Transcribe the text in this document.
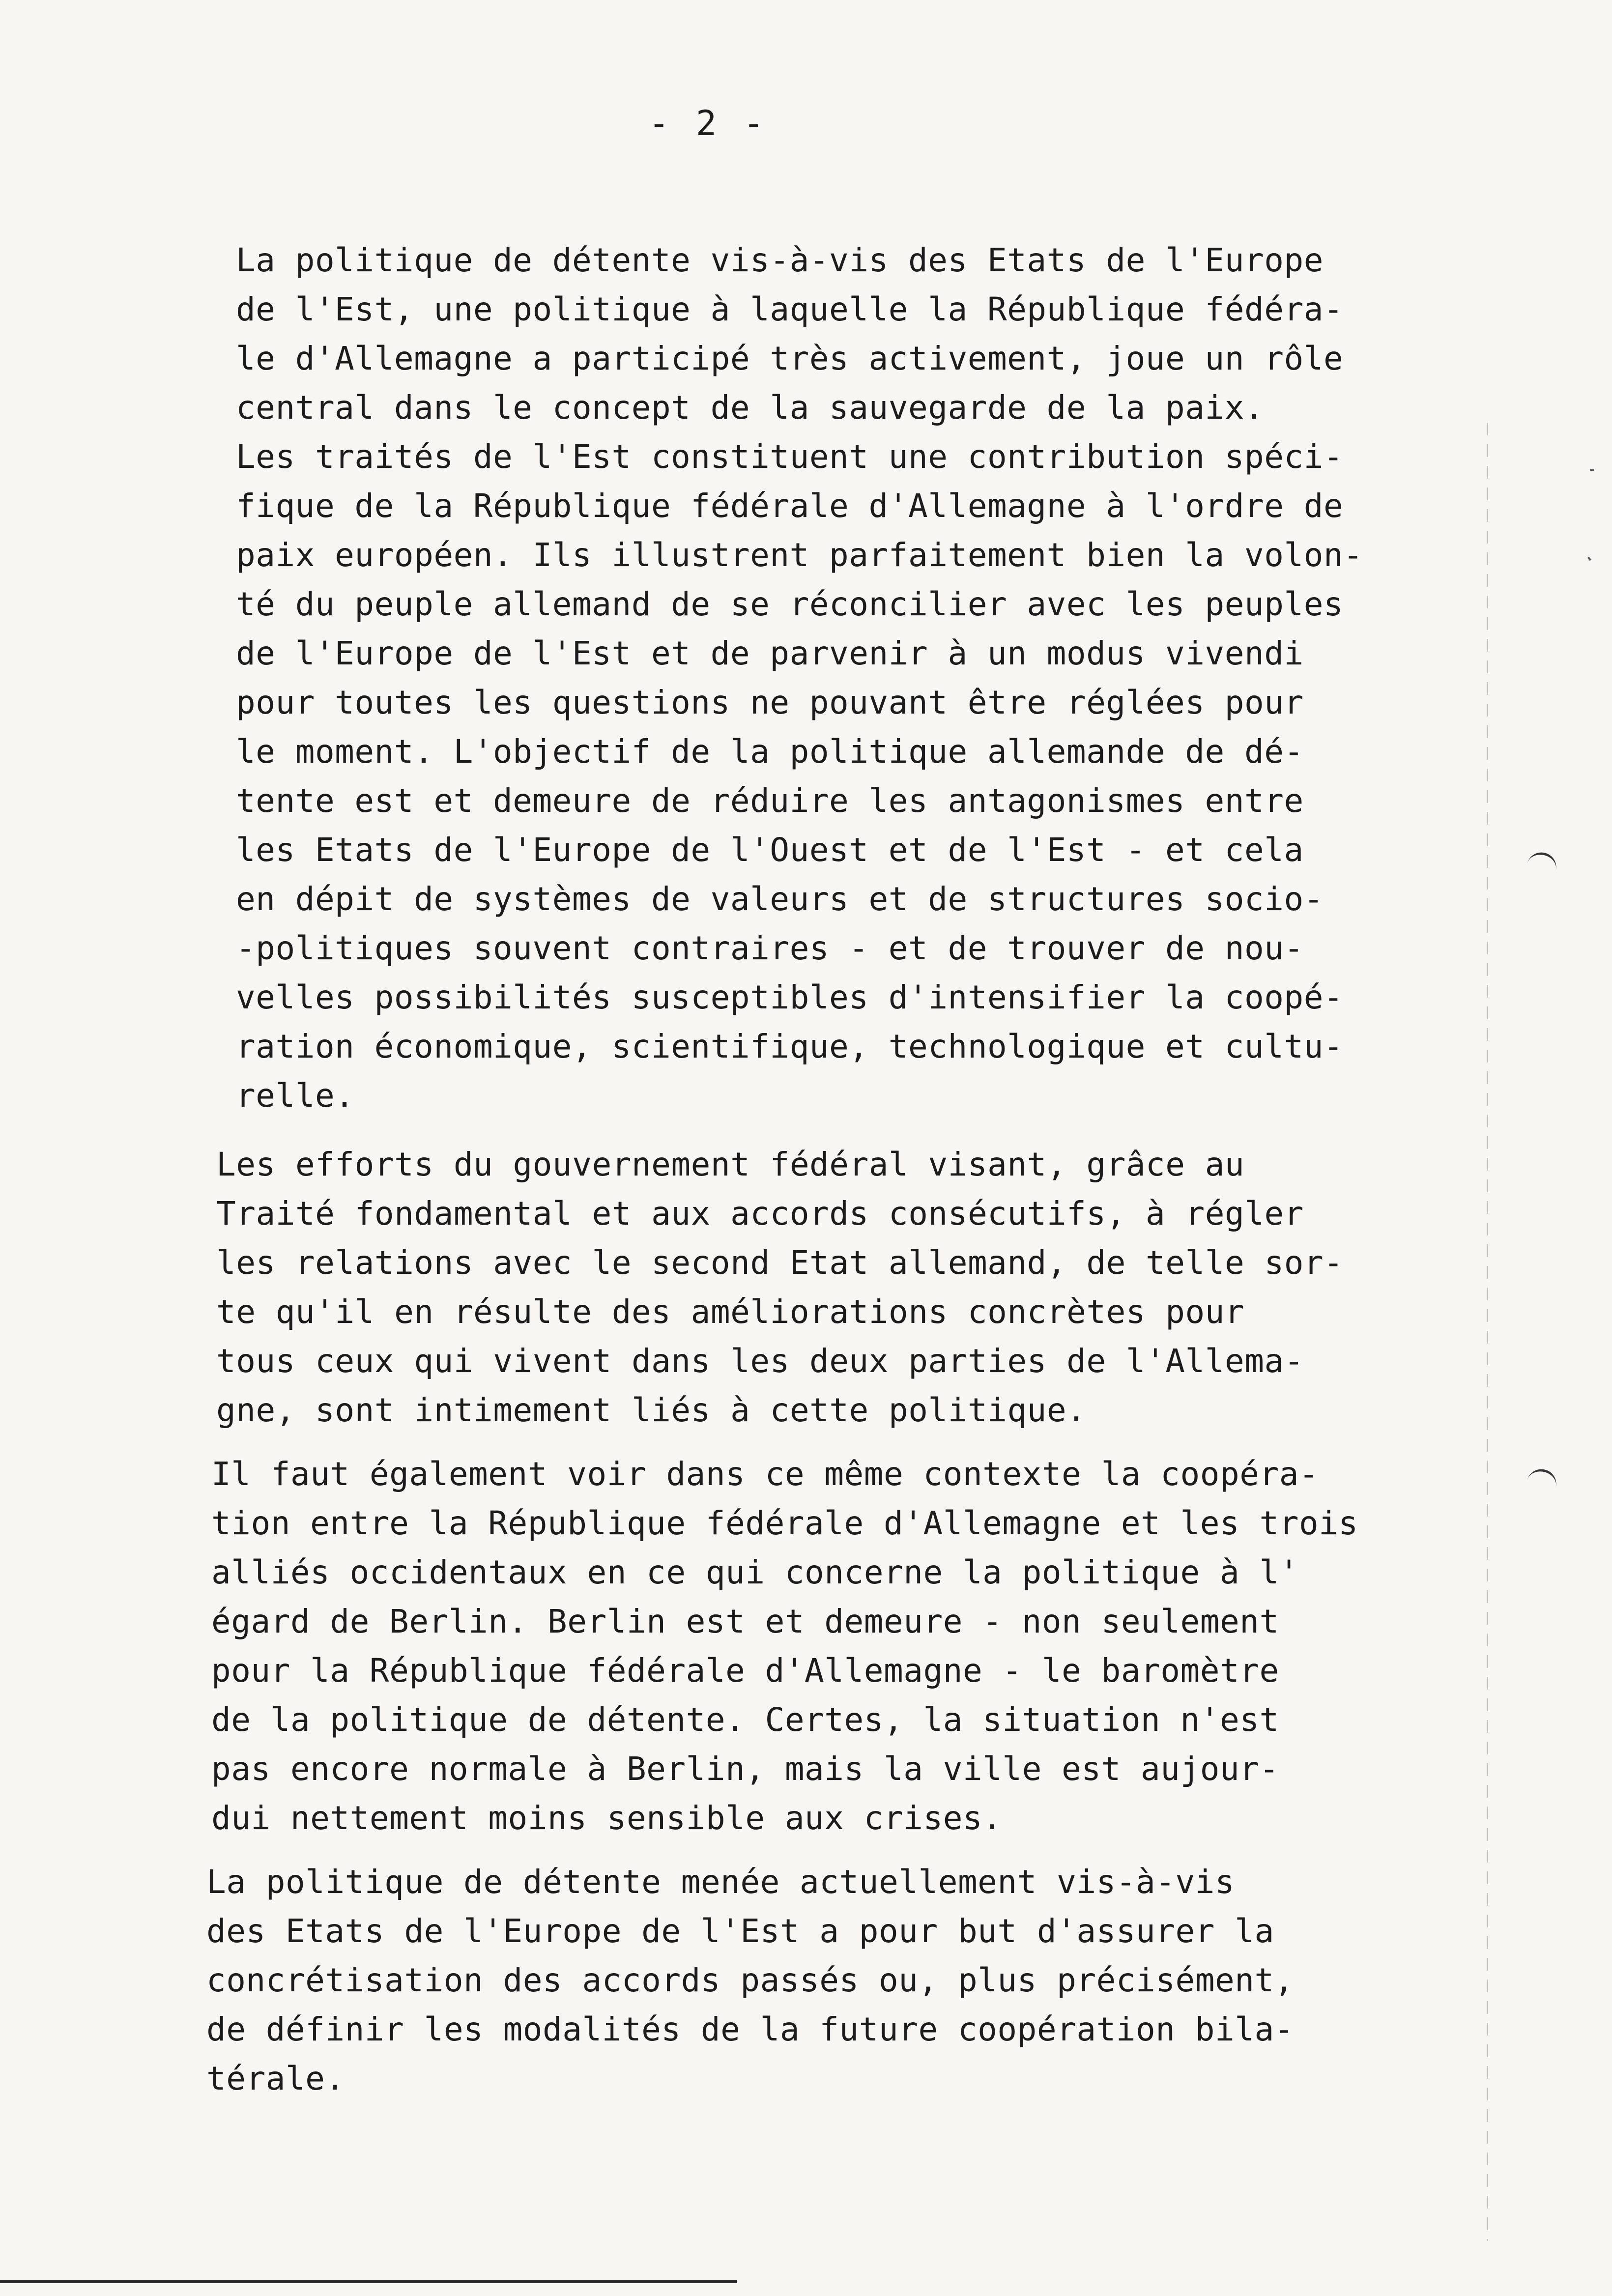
- 2 -
La politique de détente vis-à-vis des Etats de l'Europe
de l'Est, une politique à laquelle la République fédéra-
le d'Allemagne a participé très activement, joue un rôle
central dans le concept de la sauvegarde de la paix.
Les traités de l'Est constituent une contribution spéci-
fique de la République fédérale d'Allemagne à l'ordre de
paix européen. Ils illustrent parfaitement bien la volon-
té du peuple allemand de se réconcilier avec les peuples
de l'Europe de l'Est et de parvenir à un modus vivendi
pour toutes les questions ne pouvant être réglées pour
le moment. L'objectif de la politique allemande de dé-
tente est et demeure de réduire les antagonismes entre
les Etats de l'Europe de l'Ouest et de l'Est - et cela
en dépit de systèmes de valeurs et de structures socio-
-politiques souvent contraires - et de trouver de nou-
velles possibilités susceptibles d'intensifier la coopé-
ration économique, scientifique, technologique et cultu-
relle.
Les efforts du gouvernement fédéral visant, grâce au
Traité fondamental et aux accords consécutifs, à régler
les relations avec le second Etat allemand, de telle sor-
te qu'il en résulte des améliorations concrètes pour
tous ceux qui vivent dans les deux parties de l'Allema-
gne, sont intimement liés à cette politique.
Il faut également voir dans ce même contexte la coopéra-
tion entre la République fédérale d'Allemagne et les trois
alliés occidentaux en ce qui concerne la politique à l'
égard de Berlin. Berlin est et demeure - non seulement
pour la République fédérale d'Allemagne - le baromètre
de la politique de détente. Certes, la situation n'est
pas encore normale à Berlin, mais la ville est aujour-
dui nettement moins sensible aux crises.
La politique de détente menée actuellement vis-à-vis
des Etats de l'Europe de l'Est a pour but d'assurer la
concrétisation des accords passés ou, plus précisément,
de définir les modalités de la future coopération bila-
térale.
